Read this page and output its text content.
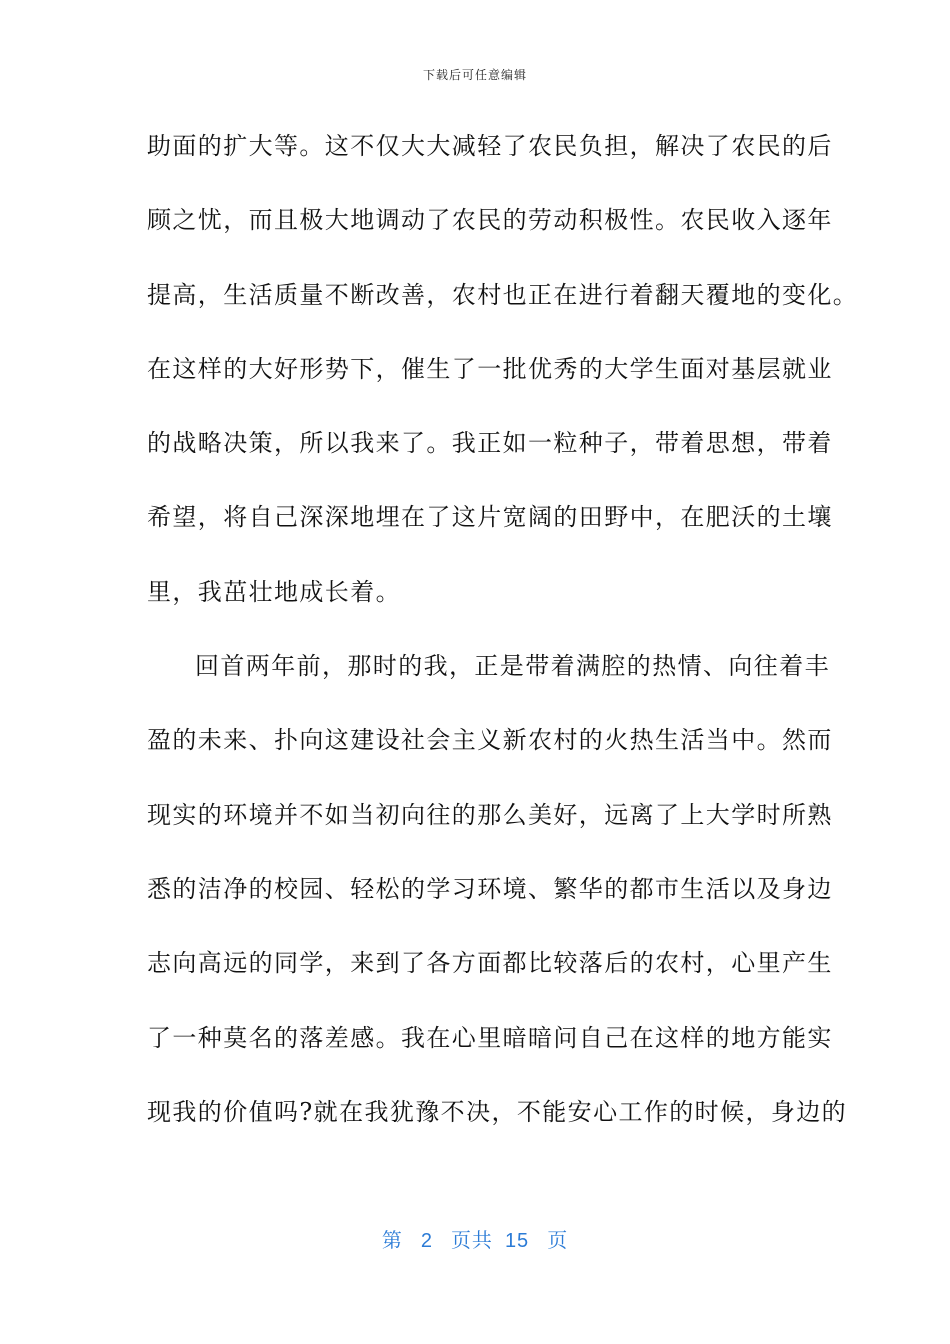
下载后可任意编辑
助面的扩大等。这不仅大大减轻了农民负担，解决了农民的后
顾之忧，而且极大地调动了农民的劳动积极性。农民收入逐年
提高，生活质量不断改善，农村也正在进行着翻天覆地的变化。
在这样的大好形势下，催生了一批优秀的大学生面对基层就业
的战略决策，所以我来了。我正如一粒种子，带着思想，带着
希望，将自己深深地埋在了这片宽阔的田野中，在肥沃的土壤
里，我茁壮地成长着。
回首两年前，那时的我，正是带着满腔的热情、向往着丰
盈的未来、扑向这建设社会主义新农村的火热生活当中。然而
现实的环境并不如当初向往的那么美好，远离了上大学时所熟
悉的洁净的校园、轻松的学习环境、繁华的都市生活以及身边
志向高远的同学，来到了各方面都比较落后的农村，心里产生
了一种莫名的落差感。我在心里暗暗问自己在这样的地方能实
现我的价值吗?就在我犹豫不决，不能安心工作的时候，身边的
第 2 页共 15 页
